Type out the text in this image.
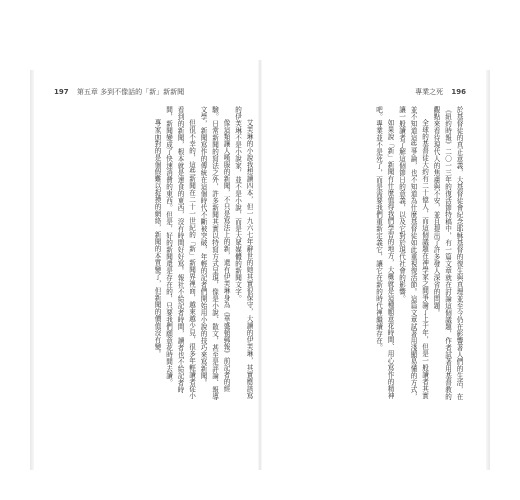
197 第五章 多到不像話的「新」新新聞	專業之死 196

艾芙琳的小說我想讀四本，但一九六七年辭世的她其實很保守，大讀的伊芙琳，其實應該寫的伊芙琳不是小說家，並不是小說，而是大眾媒體的新聞文字。

像這類讓人嘆服的新聞，不只是寫法上的新，還有伊芙琳身為《華盛頓郵報》前記者的經驗。日常新聞的寫法之外，許多新聞其實以特寫方式呈現，像是小說、散文，甚至是評論、報導文學，新聞寫作的傳統在這個時代不斷被突破，年輕的記者們開始用小說的技巧來寫新聞。

但很不幸的，這些新聞在二十一世紀的「新」新聞界裡面，越來越少見，很多年輕讀者從小看到的新聞，根本就是速食的東西，沒有時間好好寫。報社不給記者時間，讀者也不給記者時間，新聞變成了快速消費的東西。但是，好的新聞還是存在的，只要我們願意花時間去讀。

專家面對的是個假難以捉摸的網絡，新聞的本質變了，但新聞的價值沒有變。	於基督徒的真正意義，大基督徒會紀念耶穌基督的復生與真理並至今仍在影響著人們的生活，在《紐約時報》二〇一三年的復活節特稿中，有一篇文章就在討論這個議題，作者試著用基督教的觀點來看待現代人的焦慮與不安，並且提出了許多發人深省的問題。

全球的基督徒大約有二十億人，而這個議題在神學家之間爭論了上千年，但是一般讀者其實並不知道這些爭論，也不知道為什麼基督徒如此重視復活節。這篇文章試著用淺顯易懂的方式，讓一般讀者了解這個節日的意義，以及它對於現代社會的影響。

如果說「新」新聞有什麼值得我們學習的地方，大概就是這種願意花時間、用心寫作的精神吧。專業並不是死了，而是需要我們重新定義它，讓它在新的時代裡繼續存在。
